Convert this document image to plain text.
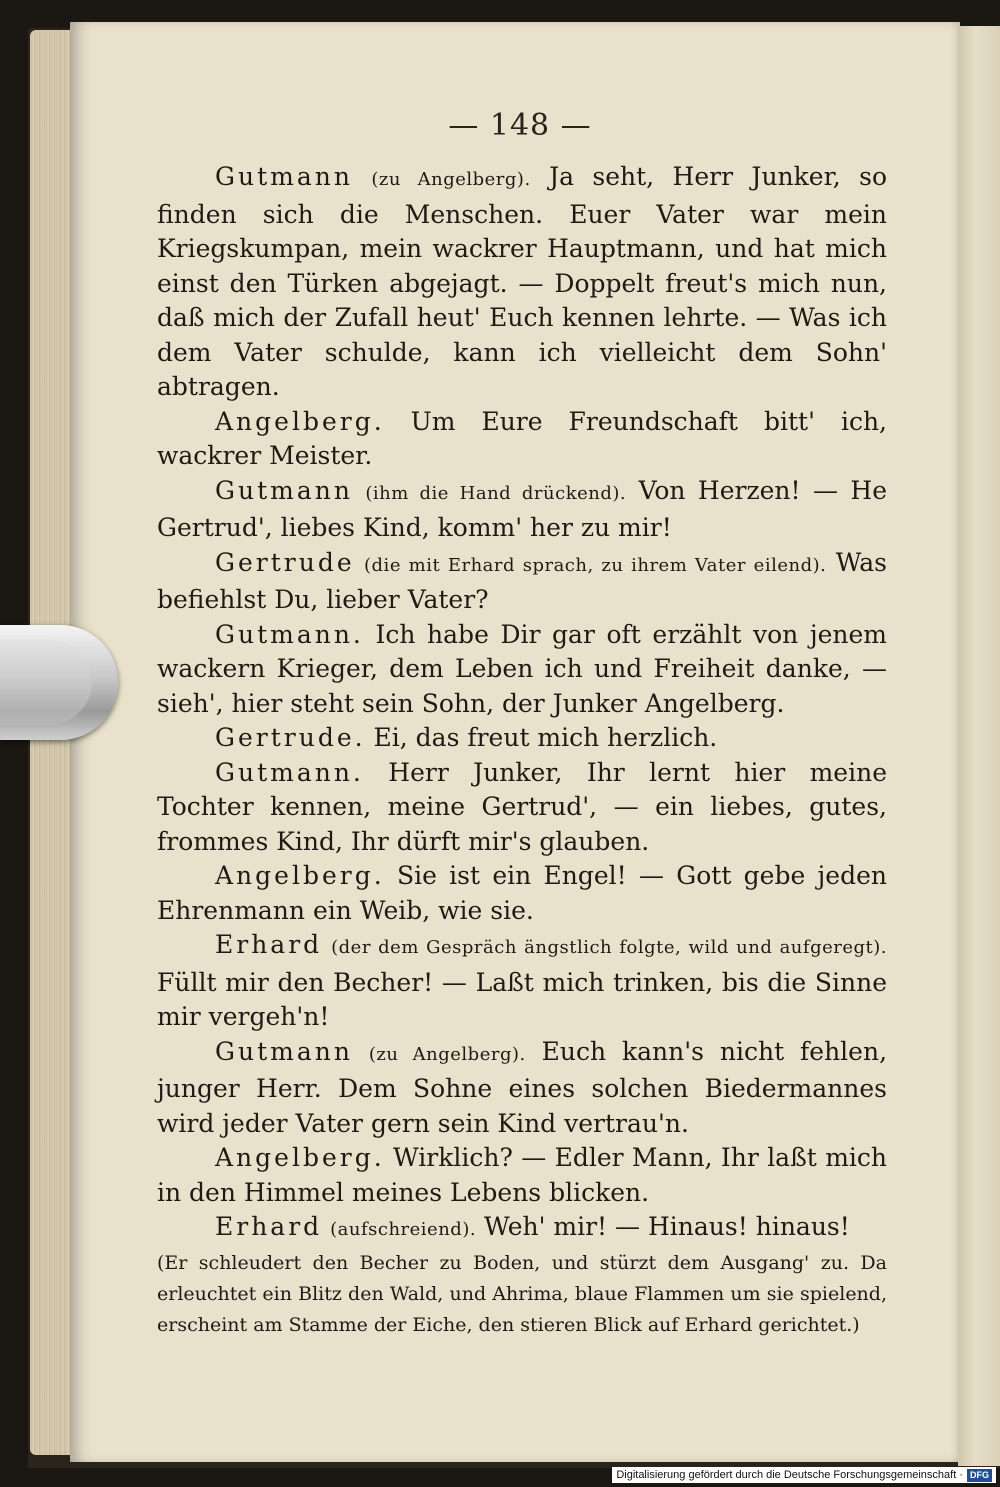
— 148 —

Gutmann (zu Angelberg). Ja seht, Herr Junker, so finden sich die Menschen. Euer Vater war mein Kriegskumpan, mein wackrer Hauptmann, und hat mich einst den Türken abgejagt. — Doppelt freut's mich nun, daß mich der Zufall heut' Euch kennen lehrte. — Was ich dem Vater schulde, kann ich vielleicht dem Sohn' abtragen.

Angelberg. Um Eure Freundschaft bitt' ich, wackrer Meister.

Gutmann (ihm die Hand drückend). Von Herzen! — He Gertrud', liebes Kind, komm' her zu mir!

Gertrude (die mit Erhard sprach, zu ihrem Vater eilend). Was befiehlst Du, lieber Vater?

Gutmann. Ich habe Dir gar oft erzählt von jenem wackern Krieger, dem Leben ich und Freiheit danke, — sieh', hier steht sein Sohn, der Junker Angelberg.

Gertrude. Ei, das freut mich herzlich.

Gutmann. Herr Junker, Ihr lernt hier meine Tochter kennen, meine Gertrud', — ein liebes, gutes, frommes Kind, Ihr dürft mir's glauben.

Angelberg. Sie ist ein Engel! — Gott gebe jeden Ehrenmann ein Weib, wie sie.

Erhard (der dem Gespräch ängstlich folgte, wild und aufgeregt). Füllt mir den Becher! — Laßt mich trinken, bis die Sinne mir vergeh'n!

Gutmann (zu Angelberg). Euch kann's nicht fehlen, junger Herr. Dem Sohne eines solchen Biedermannes wird jeder Vater gern sein Kind vertrau'n.

Angelberg. Wirklich? — Edler Mann, Ihr laßt mich in den Himmel meines Lebens blicken.

Erhard (aufschreiend). Weh' mir! — Hinaus! hinaus!

(Er schleudert den Becher zu Boden, und stürzt dem Ausgang' zu. Da erleuchtet ein Blitz den Wald, und Ahrima, blaue Flammen um sie spielend, erscheint am Stamme der Eiche, den stieren Blick auf Erhard gerichtet.)

Digitalisierung gefördert durch die Deutsche Forschungsgemeinschaft · DFG
